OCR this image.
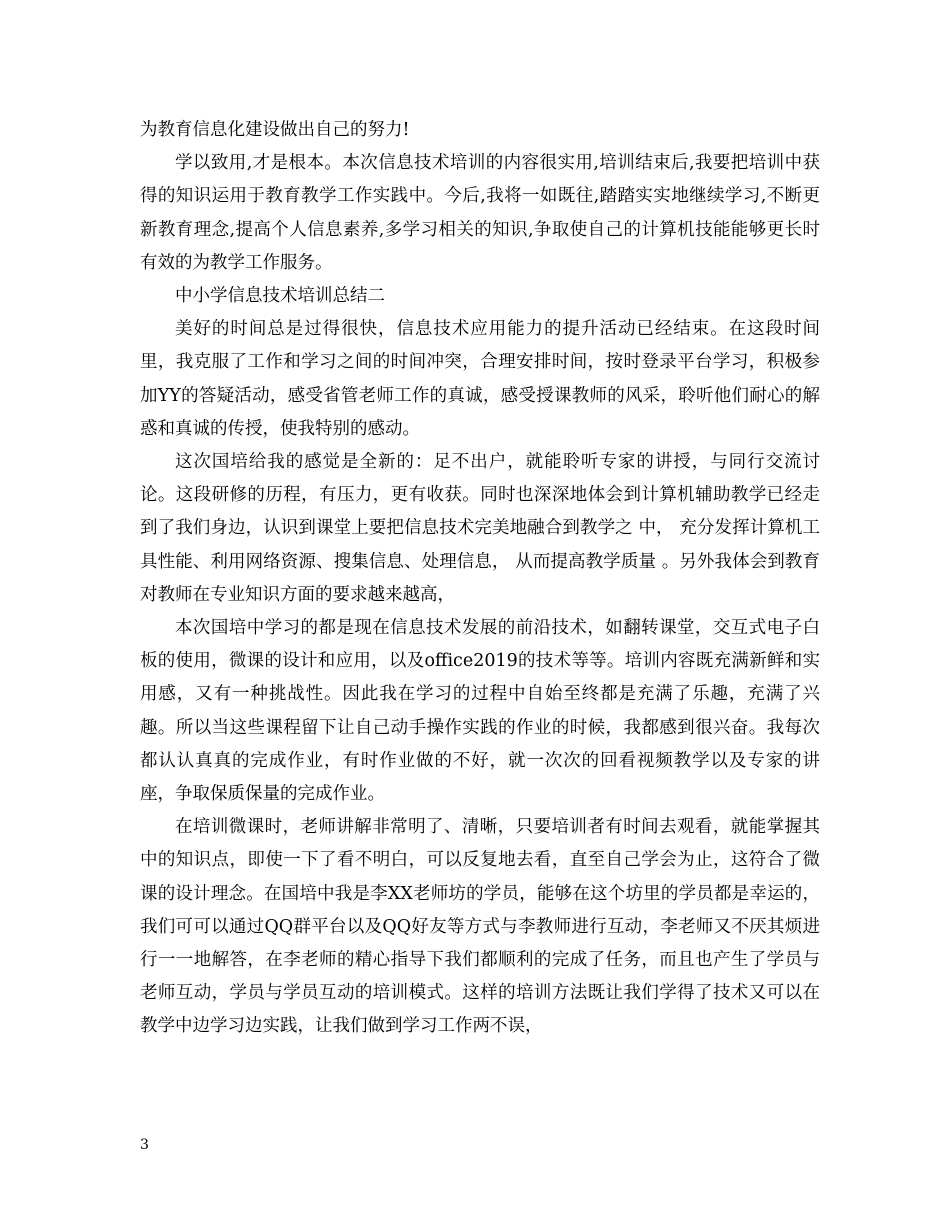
为教育信息化建设做出自己的努力!

学以致用,才是根本。本次信息技术培训的内容很实用,培训结束后,我要把培训中获得的知识运用于教育教学工作实践中。今后,我将一如既往,踏踏实实地继续学习,不断更新教育理念,提高个人信息素养,多学习相关的知识,争取使自己的计算机技能能够更长时有效的为教学工作服务。

中小学信息技术培训总结二

美好的时间总是过得很快，信息技术应用能力的提升活动已经结束。在这段时间里，我克服了工作和学习之间的时间冲突，合理安排时间，按时登录平台学习，积极参加YY的答疑活动，感受省管老师工作的真诚，感受授课教师的风采，聆听他们耐心的解惑和真诚的传授，使我特别的感动。

这次国培给我的感觉是全新的：足不出户，就能聆听专家的讲授，与同行交流讨论。这段研修的历程，有压力，更有收获。同时也深深地体会到计算机辅助教学已经走到了我们身边，认识到课堂上要把信息技术完美地融合到教学之 中， 充分发挥计算机工具性能、利用网络资源、搜集信息、处理信息， 从而提高教学质量 。另外我体会到教育对教师在专业知识方面的要求越来越高，

本次国培中学习的都是现在信息技术发展的前沿技术，如翻转课堂，交互式电子白板的使用，微课的设计和应用，以及office2019的技术等等。培训内容既充满新鲜和实用感，又有一种挑战性。因此我在学习的过程中自始至终都是充满了乐趣，充满了兴趣。所以当这些课程留下让自己动手操作实践的作业的时候，我都感到很兴奋。我每次都认认真真的完成作业，有时作业做的不好，就一次次的回看视频教学以及专家的讲座，争取保质保量的完成作业。

在培训微课时，老师讲解非常明了、清晰，只要培训者有时间去观看，就能掌握其中的知识点，即使一下了看不明白，可以反复地去看，直至自己学会为止，这符合了微课的设计理念。在国培中我是李XX老师坊的学员，能够在这个坊里的学员都是幸运的，我们可可以通过QQ群平台以及QQ好友等方式与李教师进行互动，李老师又不厌其烦进行一一地解答，在李老师的精心指导下我们都顺利的完成了任务，而且也产生了学员与老师互动，学员与学员互动的培训模式。这样的培训方法既让我们学得了技术又可以在教学中边学习边实践，让我们做到学习工作两不误，

3
